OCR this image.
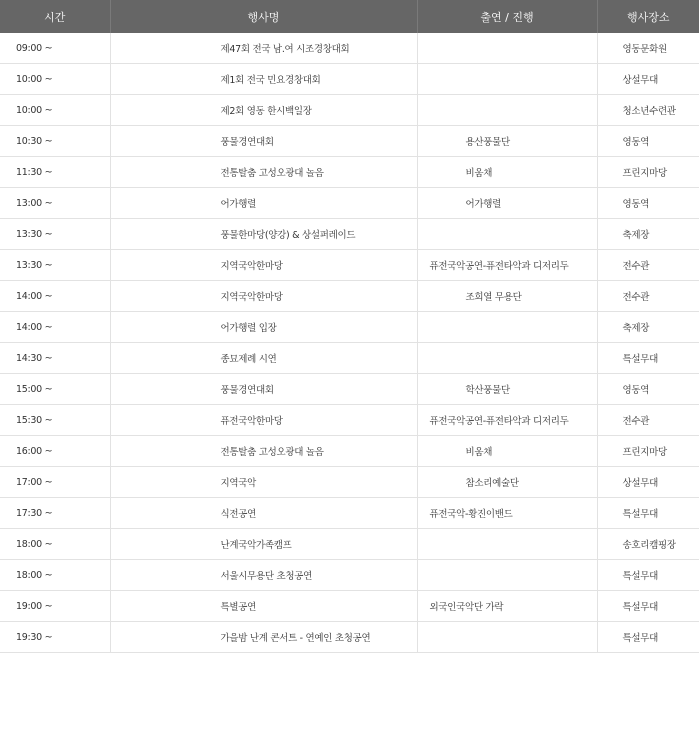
시간	행사명	출연 / 진행	행사장소
09:00 ~	제47회 전국 남.여 시조경창대회		영동문화원
10:00 ~	제1회 전국 민요경창대회		상설무대
10:00 ~	제2회 영동 한시백일장		청소년수련관
10:30 ~	풍물경연대회	용산풍물단	영동역
11:30 ~	전통탈춤 고성오광대 놀음	비움채	프린지마당
13:00 ~	어가행렬	어가행렬	영동역
13:30 ~	풍물한마당(양강) & 상설퍼레이드		축제장
13:30 ~	지역국악한마당	퓨전국악공연-퓨전타악과 디저리두	전수관
14:00 ~	지역국악한마당	조희열 무용단	전수관
14:00 ~	어가행렬 입장		축제장
14:30 ~	종묘제례 시연		특설무대
15:00 ~	풍물경연대회	학산풍물단	영동역
15:30 ~	퓨전국악한마당	퓨전국악공연-퓨전타악과 디저리두	전수관
16:00 ~	전통탈춤 고성오광대 놀음	비움채	프린지마당
17:00 ~	지역국악	참소리예술단	상설무대
17:30 ~	식전공연	퓨전국악-황진이밴드	특설무대
18:00 ~	난계국악가족캠프		송호리캠핑장
18:00 ~	서울시무용단 초청공연		특설무대
19:00 ~	특별공연	외국인국악단 가락	특설무대
19:30 ~	가을밤 난계 콘서트 - 연예인 초청공연		특설무대
